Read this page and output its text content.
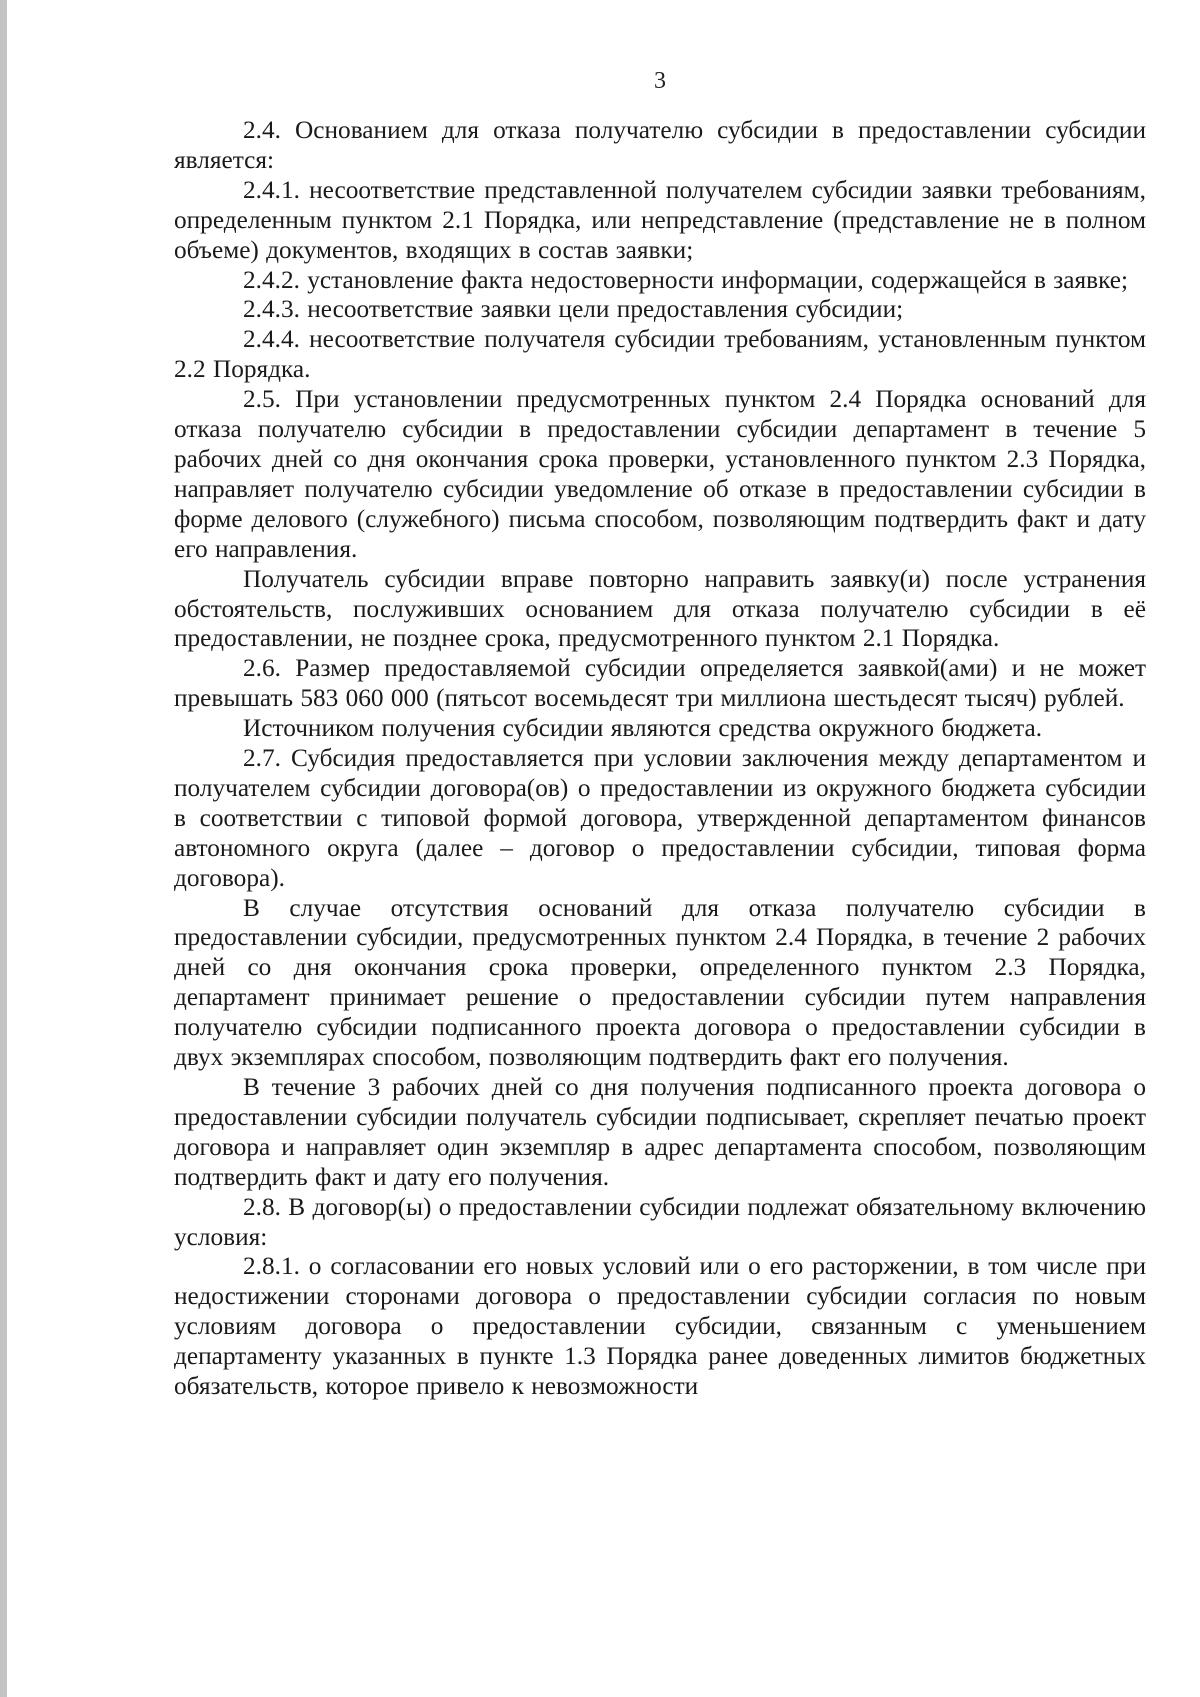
3

2.4. Основанием для отказа получателю субсидии в предоставлении субсидии является:

2.4.1. несоответствие представленной получателем субсидии заявки требованиям, определенным пунктом 2.1 Порядка, или непредставление (представление не в полном объеме) документов, входящих в состав заявки;

2.4.2. установление факта недостоверности информации, содержащейся в заявке;

2.4.3. несоответствие заявки цели предоставления субсидии;

2.4.4. несоответствие получателя субсидии требованиям, установленным пунктом 2.2 Порядка.

2.5. При установлении предусмотренных пунктом 2.4 Порядка оснований для отказа получателю субсидии в предоставлении субсидии департамент в течение 5 рабочих дней со дня окончания срока проверки, установленного пунктом 2.3 Порядка, направляет получателю субсидии уведомление об отказе в предоставлении субсидии в форме делового (служебного) письма способом, позволяющим подтвердить факт и дату его направления.

Получатель субсидии вправе повторно направить заявку(и) после устранения обстоятельств, послуживших основанием для отказа получателю субсидии в её предоставлении, не позднее срока, предусмотренного пунктом 2.1 Порядка.

2.6. Размер предоставляемой субсидии определяется заявкой(ами) и не может превышать 583 060 000 (пятьсот восемьдесят три миллиона шестьдесят тысяч) рублей.

Источником получения субсидии являются средства окружного бюджета.

2.7. Субсидия предоставляется при условии заключения между департаментом и получателем субсидии договора(ов) о предоставлении из окружного бюджета субсидии в соответствии с типовой формой договора, утвержденной департаментом финансов автономного округа (далее – договор о предоставлении субсидии, типовая форма договора).

В случае отсутствия оснований для отказа получателю субсидии в предоставлении субсидии, предусмотренных пунктом 2.4 Порядка, в течение 2 рабочих дней со дня окончания срока проверки, определенного пунктом 2.3 Порядка, департамент принимает решение о предоставлении субсидии путем направления получателю субсидии подписанного проекта договора о предоставлении субсидии в двух экземплярах способом, позволяющим подтвердить факт его получения.

В течение 3 рабочих дней со дня получения подписанного проекта договора о предоставлении субсидии получатель субсидии подписывает, скрепляет печатью проект договора и направляет один экземпляр в адрес департамента способом, позволяющим подтвердить факт и дату его получения.

2.8. В договор(ы) о предоставлении субсидии подлежат обязательному включению условия:

2.8.1. о согласовании его новых условий или о его расторжении, в том числе при недостижении сторонами договора о предоставлении субсидии согласия по новым условиям договора о предоставлении субсидии, связанным с уменьшением департаменту указанных в пункте 1.3 Порядка ранее доведенных лимитов бюджетных обязательств, которое привело к невозможности
